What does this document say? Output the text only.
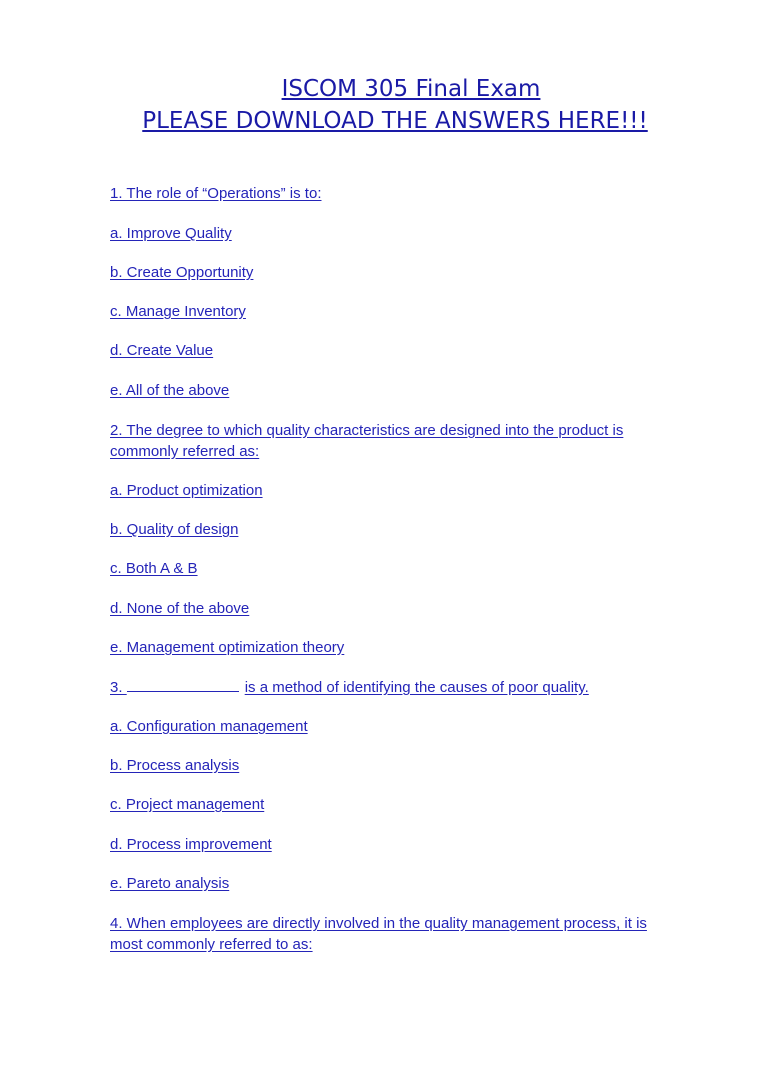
ISCOM 305 Final Exam
PLEASE DOWNLOAD THE ANSWERS HERE!!!
1. The role of “Operations” is to:
a. Improve Quality
b. Create Opportunity
c. Manage Inventory
d. Create Value
e. All of the above
2. The degree to which quality characteristics are designed into the product is
commonly referred as:
a. Product optimization
b. Quality of design
c. Both A & B
d. None of the above
e. Management optimization theory
3.	is a method of identifying the causes of poor quality.
a. Configuration management
b. Process analysis
c. Project management
d. Process improvement
e. Pareto analysis
4. When employees are directly involved in the quality management process, it is
most commonly referred to as:
